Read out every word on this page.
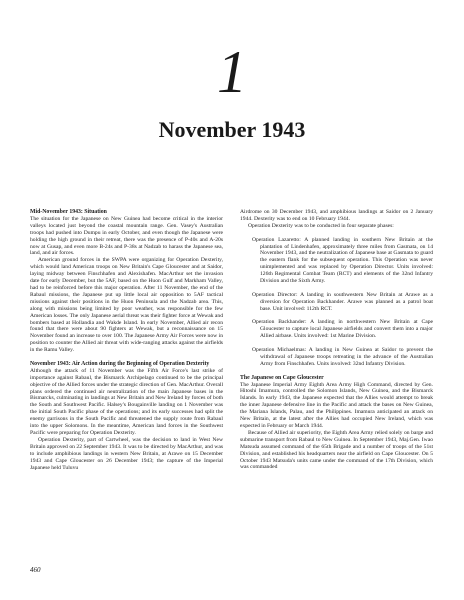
1
November 1943
Mid-November 1943: Situation

The situation for the Japanese on New Guinea had become critical in the interior valleys located just beyond the coastal mountain range. Gen. Vasey's Australian troops had pushed into Dumpu in early October, and even though the Japanese were holding the high ground in their retreat, there was the presence of P-40s and A-20s now at Gusap, and even more B-24s and P-38s at Nadzab to harass the Japanese sea, land, and air forces.

American ground forces in the SWPA were organizing for Operation Dexterity, which would land American troops on New Britain's Cape Gloucester and at Saidor, laying midway between Finschhafen and Alexishafen. MacArthur set the invasion date for early December, but the 5AF, based on the Huon Gulf and Markham Valley, had to be reinforced before this major operation. After 11 November, the end of the Rabaul missions, the Japanese put up little local air opposition to 5AF tactical missions against their positions in the Huon Peninsula and the Nadzab area. This, along with missions being limited by poor weather, was responsible for the few American losses. The only Japanese aerial threat was their fighter force at Wewak and bombers based at Hollandia and Wakde Island. In early November, Allied air recon found that there were about 90 fighters at Wewak, but a reconnaissance on 15 November found an increase to over 100. The Japanese Army Air Forces were now in position to counter the Allied air threat with wide-ranging attacks against the airfields in the Ramu Valley.

November 1943: Air Action during the Beginning of Operation Dexterity

Although the attack of 11 November was the Fifth Air Force's last strike of importance against Rabaul, the Bismarck Archipelago continued to be the principal objective of the Allied forces under the strategic direction of Gen. MacArthur. Overall plans ordered the continued air neutralization of the main Japanese bases in the Bismarcks, culminating in landings at New Britain and New Ireland by forces of both the South and Southwest Pacific. Halsey's Bougainville landing on 1 November was the initial South Pacific phase of the operations; and its early successes had split the enemy garrisons in the South Pacific and threatened the supply route from Rabaul into the upper Solomons. In the meantime, American land forces in the Southwest Pacific were preparing for Operation Dexterity.

Operation Dexterity, part of Cartwheel, was the decision to land in West New Britain approved on 22 September 1943. It was to be directed by MacArthur, and was to include amphibious landings in western New Britain, at Arawe on 15 December 1943 and Cape Gloucester on 26 December 1943; the capture of the Imperial Japanese held Tuluvu

Airdrome on 30 December 1943, and amphibious landings at Saidor on 2 January 1944. Dexterity was to end on 10 February 1944.

Operation Dexterity was to be conducted in four separate phases:

Operation Lazaretto: A planned landing in southern New Britain at the plantation of Lindenhafen, approximately three miles from Gasmata, on 14 November 1943, and the neutralization of Japanese base at Gasmata to guard the eastern flank for the subsequent operation. This Operation was never unimplemented and was replaced by Operation Director. Units involved: 126th Regimental Combat Team (RCT) and elements of the 32nd Infantry Division and the Sixth Army.

Operation Director: A landing in southwestern New Britain at Arawe as a diversion for Operation Backhander. Arawe was planned as a patrol boat base. Unit involved: 112th RCT.

Operation Backhander: A landing in northwestern New Britain at Cape Gloucester to capture local Japanese airfields and convert them into a major Allied airbase. Units involved: 1st Marine Division.

Operation Michaelmas: A landing in New Guinea at Saidor to prevent the withdrawal of Japanese troops retreating in the advance of the Australian Army from Finschhafen. Units involved: 32nd Infantry Division.

The Japanese on Cape Gloucester

The Japanese Imperial Army Eighth Area Army High Command, directed by Gen. Hitoshi Imamura, controlled the Solomon Islands, New Guinea, and the Bismarck Islands. In early 1943, the Japanese expected that the Allies would attempt to break the inner Japanese defensive line in the Pacific and attack the bases on New Guinea, the Mariana Islands, Palau, and the Philippines. Imamura anticipated an attack on New Britain, at the latest after the Allies had occupied New Ireland, which was expected in February or March 1944.

Because of Allied air superiority, the Eighth Area Army relied solely on barge and submarine transport from Rabaul to New Guinea. In September 1943, Maj.Gen. Iwao Matsuda assumed command of the 65th Brigade and a number of troops of the 51st Division, and established his headquarters near the airfield on Cape Gloucester. On 5 October 1943 Matsuda's units came under the command of the 17th Division, which was commanded

460
